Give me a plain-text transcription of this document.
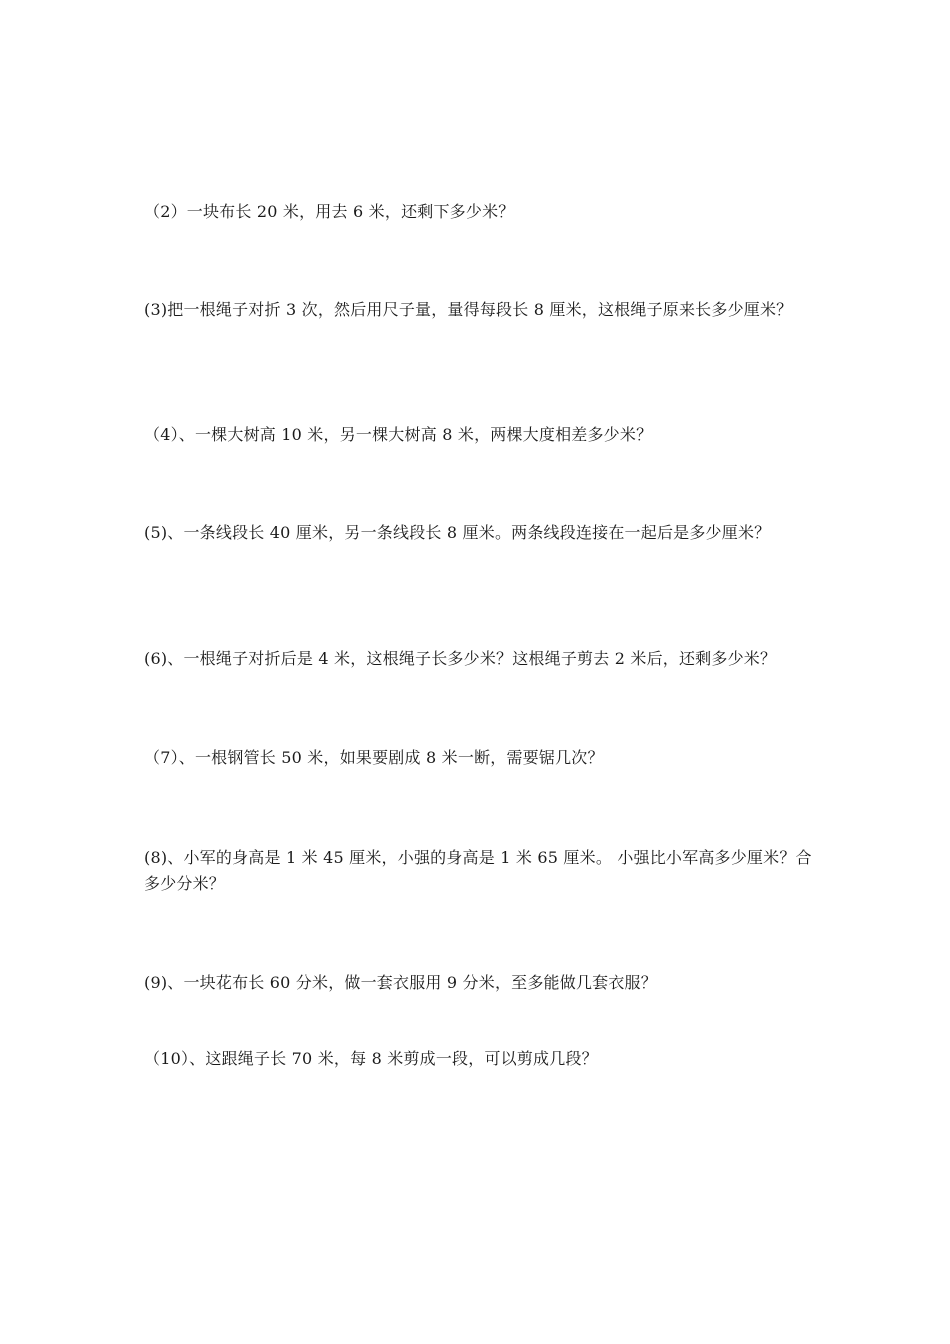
（2）一块布长 20 米，用去 6 米，还剩下多少米？
(3)把一根绳子对折 3 次，然后用尺子量，量得每段长 8 厘米，这根绳子原来长多少厘米？
（4）、一棵大树高 10 米，另一棵大树高 8 米，两棵大度相差多少米？
(5)、一条线段长 40 厘米，另一条线段长 8 厘米。两条线段连接在一起后是多少厘米？
(6)、一根绳子对折后是 4 米，这根绳子长多少米？这根绳子剪去 2 米后，还剩多少米？
（7）、一根钢管长 50 米，如果要剧成 8 米一断，需要锯几次？
(8)、小军的身高是 1 米 45 厘米，小强的身高是 1 米 65 厘米。 小强比小军高多少厘米？合多少分米？
(9)、一块花布长 60 分米，做一套衣服用 9 分米，至多能做几套衣服？
（10）、这跟绳子长 70 米，每 8 米剪成一段，可以剪成几段？
